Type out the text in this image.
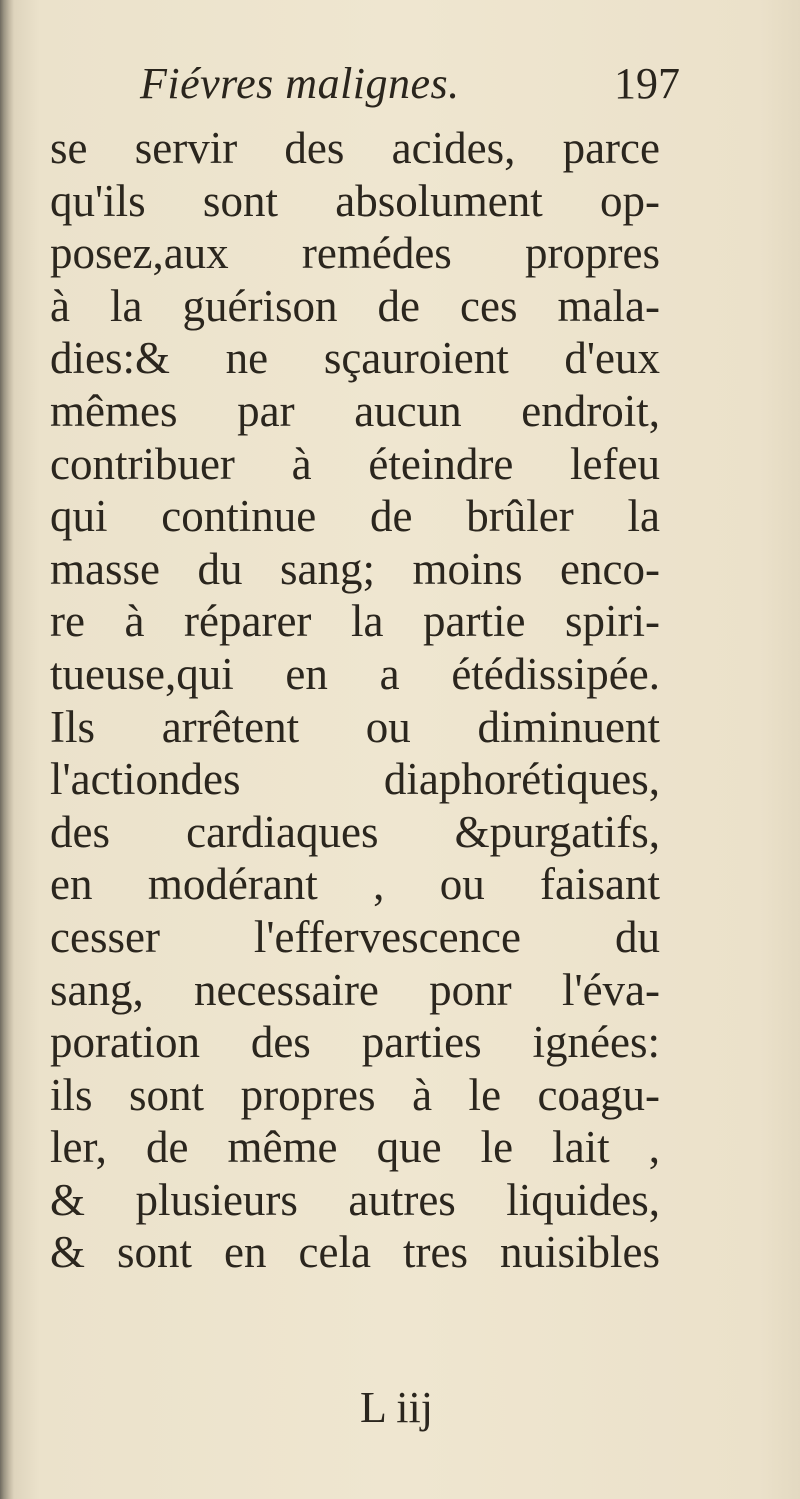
Fiévres malignes.	197
se servir des acides, parce
qu'ils sont absolument op-
posez,aux remédes propres
à la guérison de ces mala-
dies:& ne sçauroient d'eux
mêmes par aucun endroit,
contribuer à éteindre lefeu
qui continue de brûler la
masse du sang; moins enco-
re à réparer la partie spiri-
tueuse,qui en a étédissipée.
Ils arrêtent ou diminuent
l'actiondes diaphorétiques,
des cardiaques &purgatifs,
en modérant , ou faisant
cesser l'effervescence du
sang, necessaire ponr l'éva-
poration des parties ignées:
ils sont propres à le coagu-
ler, de même que le lait ,
& plusieurs autres liquides,
& sont en cela tres nuisibles
L iij
